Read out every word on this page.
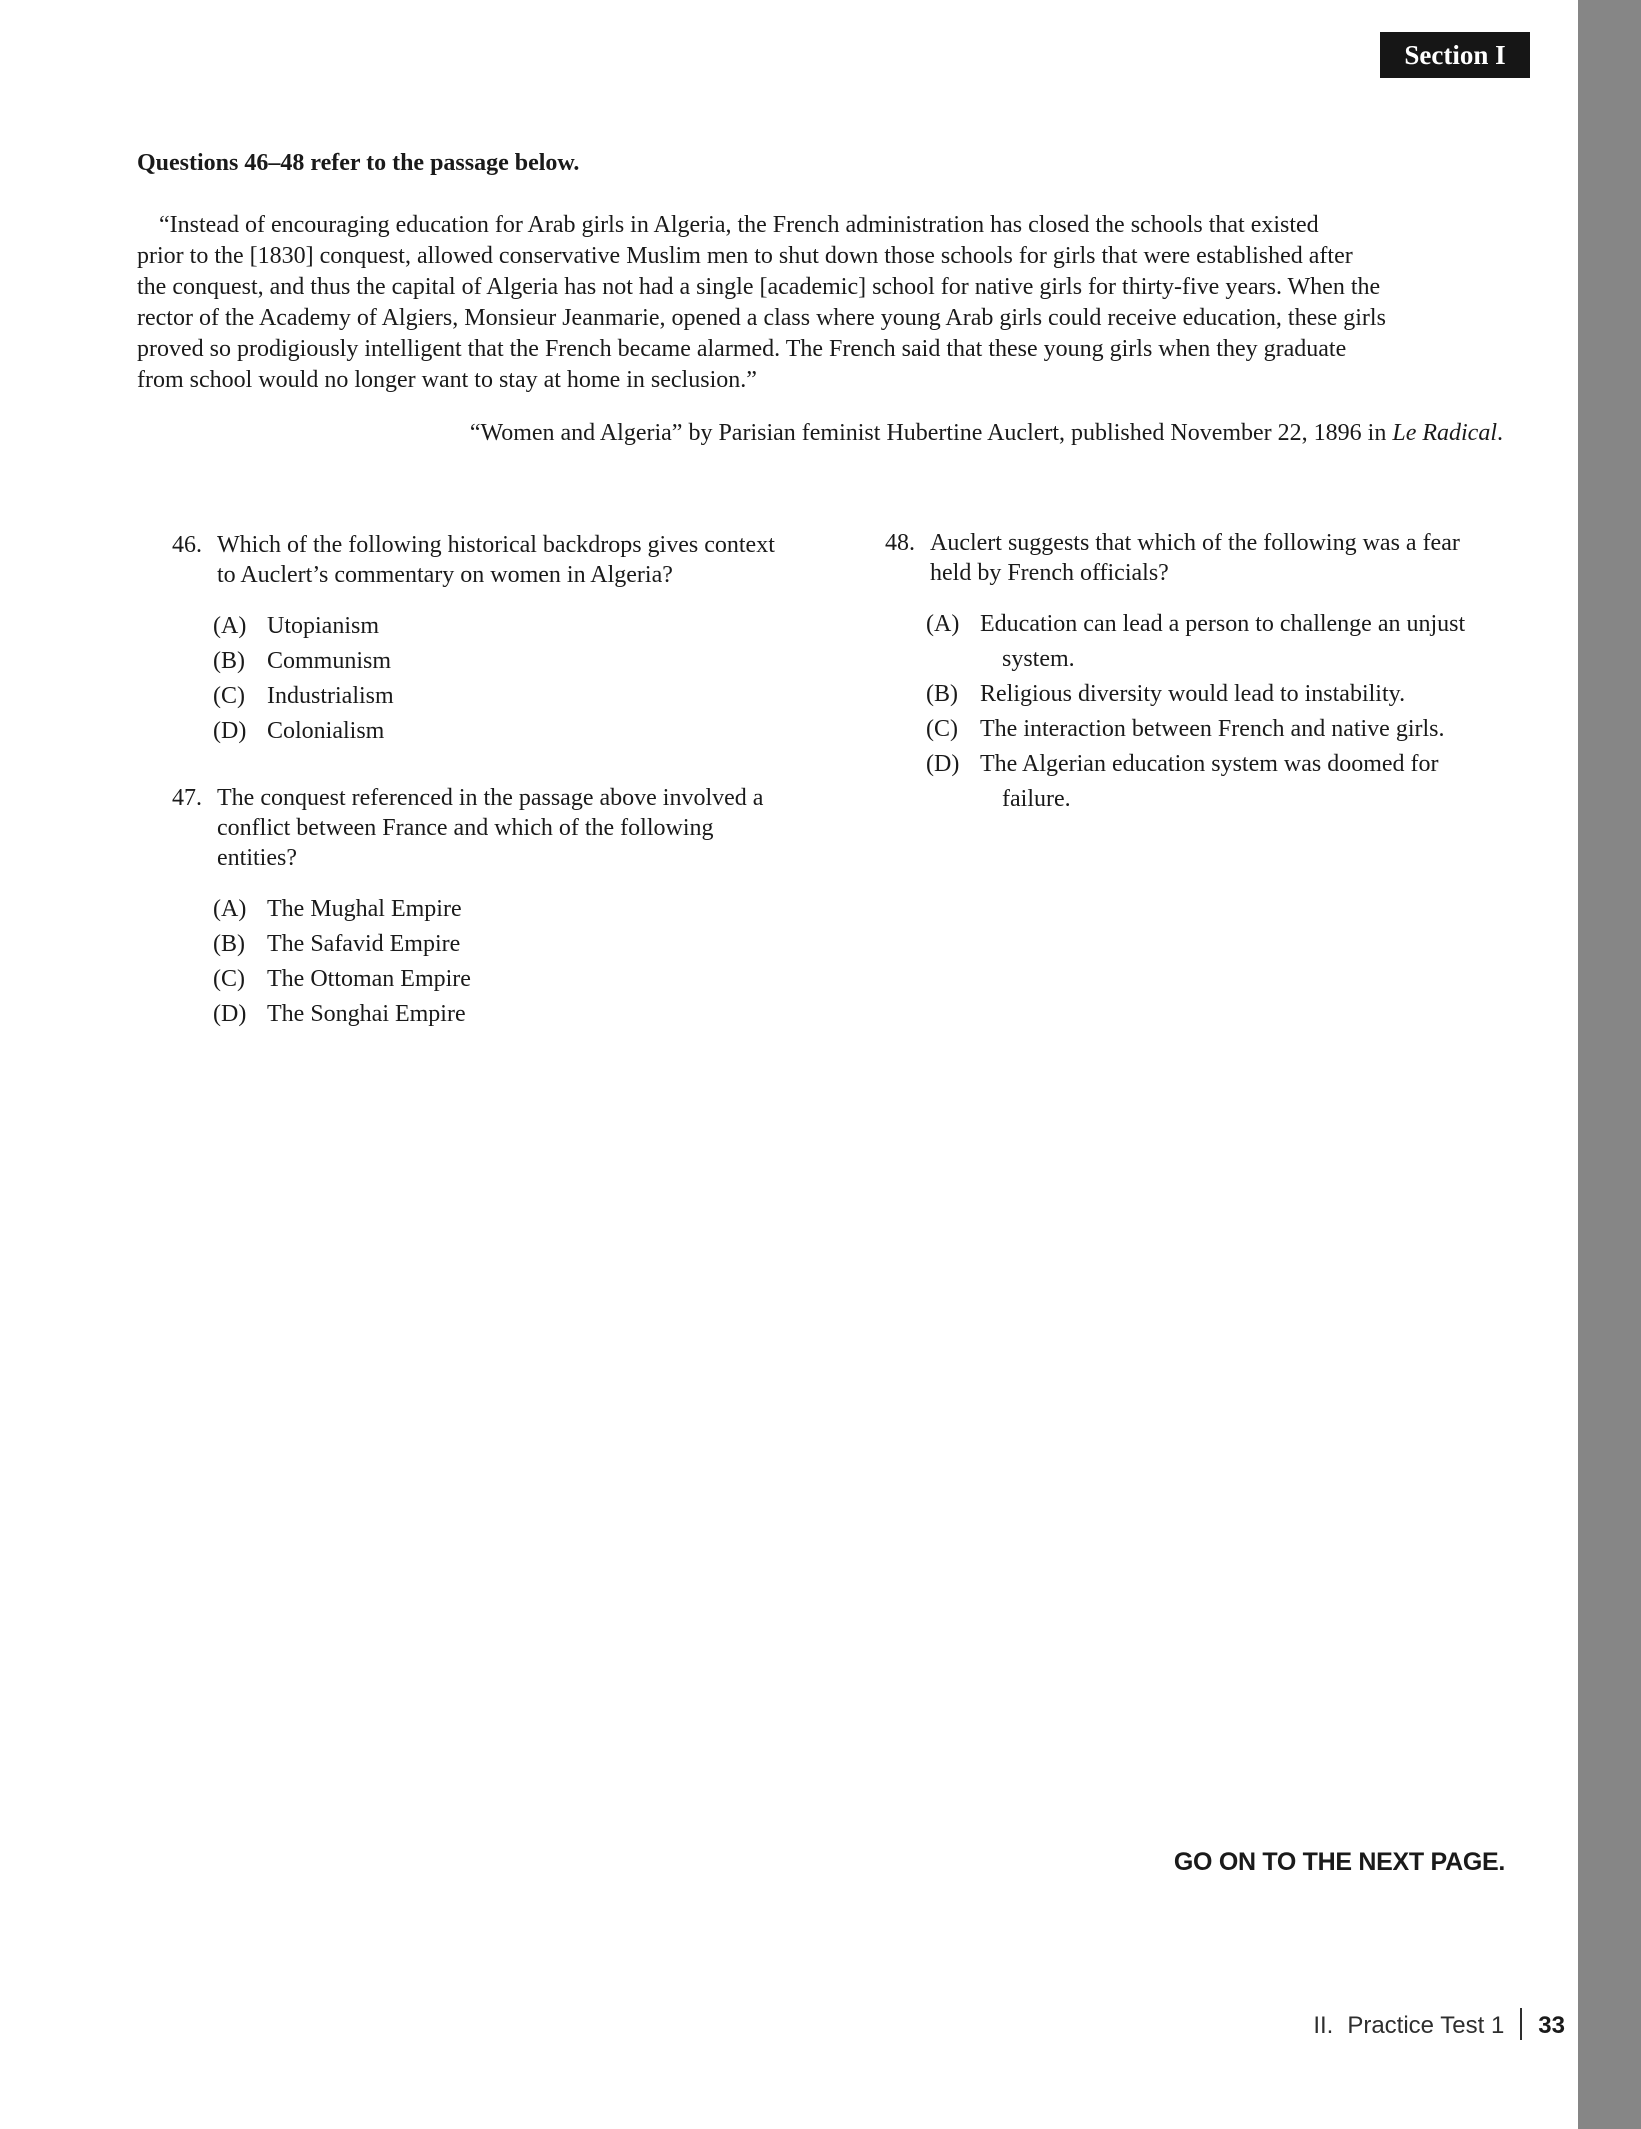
Section I
Questions 46–48 refer to the passage below.
“Instead of encouraging education for Arab girls in Algeria, the French administration has closed the schools that existed
prior to the [1830] conquest, allowed conservative Muslim men to shut down those schools for girls that were established after
the conquest, and thus the capital of Algeria has not had a single [academic] school for native girls for thirty-five years. When the
rector of the Academy of Algiers, Monsieur Jeanmarie, opened a class where young Arab girls could receive education, these girls
proved so prodigiously intelligent that the French became alarmed. The French said that these young girls when they graduate
from school would no longer want to stay at home in seclusion.”
“Women and Algeria” by Parisian feminist Hubertine Auclert, published November 22, 1896 in Le Radical.
46. Which of the following historical backdrops gives context
to Auclert’s commentary on women in Algeria?
(A) Utopianism
(B) Communism
(C) Industrialism
(D) Colonialism
47. The conquest referenced in the passage above involved a
conflict between France and which of the following
entities?
(A) The Mughal Empire
(B) The Safavid Empire
(C) The Ottoman Empire
(D) The Songhai Empire
48. Auclert suggests that which of the following was a fear
held by French officials?
(A) Education can lead a person to challenge an unjust
system.
(B) Religious diversity would lead to instability.
(C) The interaction between French and native girls.
(D) The Algerian education system was doomed for
failure.
GO ON TO THE NEXT PAGE.
II. Practice Test 1 33
